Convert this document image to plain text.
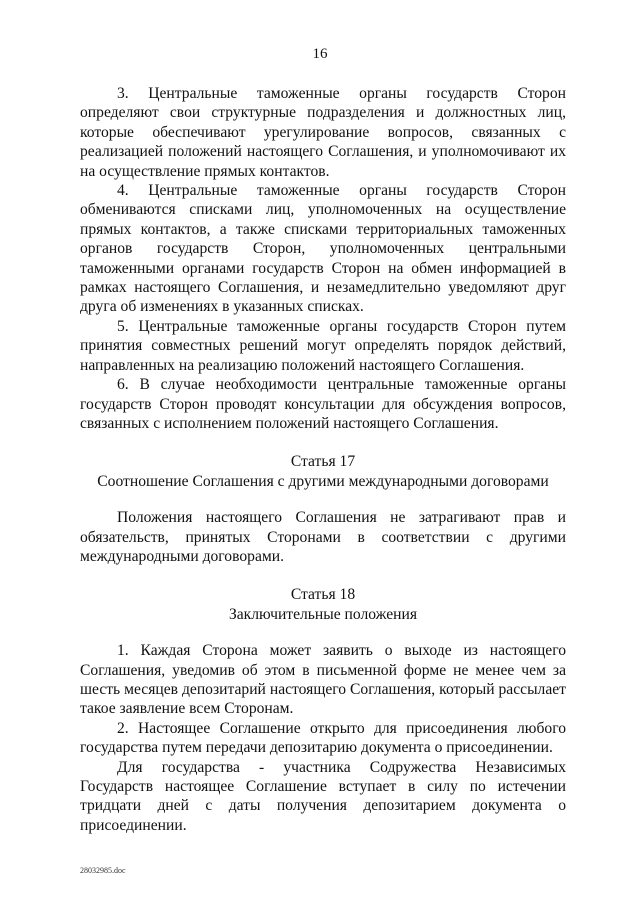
16

3. Центральные таможенные органы государств Сторон определяют свои структурные подразделения и должностных лиц, которые обеспечивают урегулирование вопросов, связанных с реализацией положений настоящего Соглашения, и уполномочивают их на осуществление прямых контактов.

4. Центральные таможенные органы государств Сторон обмениваются списками лиц, уполномоченных на осуществление прямых контактов, а также списками территориальных таможенных органов государств Сторон, уполномоченных центральными таможенными органами государств Сторон на обмен информацией в рамках настоящего Соглашения, и незамедлительно уведомляют друг друга об изменениях в указанных списках.

5. Центральные таможенные органы государств Сторон путем принятия совместных решений могут определять порядок действий, направленных на реализацию положений настоящего Соглашения.

6. В случае необходимости центральные таможенные органы государств Сторон проводят консультации для обсуждения вопросов, связанных с исполнением положений настоящего Соглашения.

Статья 17

Соотношение Соглашения с другими международными договорами

Положения настоящего Соглашения не затрагивают прав и обязательств, принятых Сторонами в соответствии с другими международными договорами.

Статья 18

Заключительные положения

1. Каждая Сторона может заявить о выходе из настоящего Соглашения, уведомив об этом в письменной форме не менее чем за шесть месяцев депозитарий настоящего Соглашения, который рассылает такое заявление всем Сторонам.

2. Настоящее Соглашение открыто для присоединения любого государства путем передачи депозитарию документа о присоединении.

Для государства - участника Содружества Независимых Государств настоящее Соглашение вступает в силу по истечении тридцати дней с даты получения депозитарием документа о присоединении.

28032985.doc
